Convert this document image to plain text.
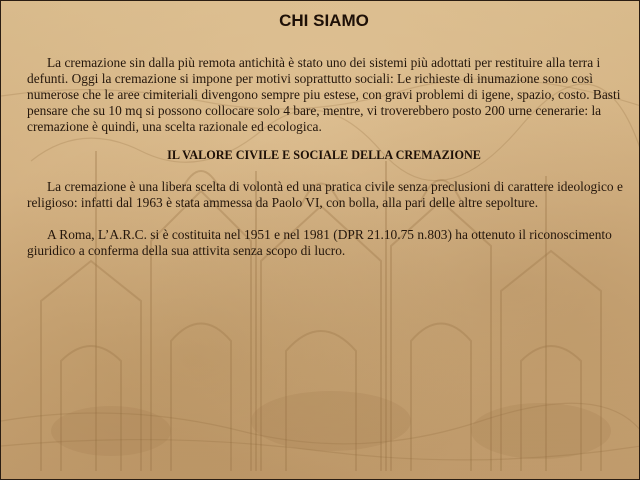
CHI SIAMO

La cremazione sin dalla più remota antichità è stato uno dei sistemi più adottati per restituire alla terra i defunti. Oggi la cremazione si impone per motivi soprattutto sociali: Le richieste di inumazione sono così numerose che le aree cimiteriali divengono sempre piu estese, con gravi problemi di igene, spazio, costo. Basti pensare che su 10 mq si possono collocare solo 4 bare, mentre, vi troverebbero posto 200 urne cenerarie: la cremazione è quindi, una scelta razionale ed ecologica.

IL VALORE CIVILE E SOCIALE DELLA CREMAZIONE

La cremazione è una libera scelta di volontà ed una pratica civile senza preclusioni di carattere ideologico e religioso: infatti dal 1963 è stata ammessa da Paolo VI, con bolla, alla pari delle altre sepolture.

A Roma, L’A.R.C. si è costituita nel 1951 e nel 1981 (DPR 21.10.75 n.803) ha ottenuto il riconoscimento giuridico a conferma della sua attivita senza scopo di lucro.
